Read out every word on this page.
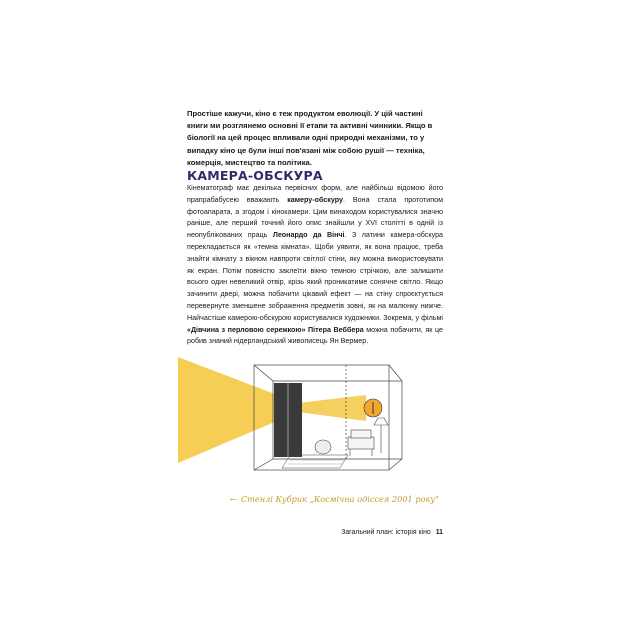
Простіше кажучи, кіно є теж продуктом еволюції. У цій частині книги ми розглянемо основні її етапи та активні чинники. Якщо в біології на цей процес впливали одні природні механізми, то у випадку кіно це були інші пов'язані між собою рушії — техніка, комерція, мистецтво та політика.
КАМЕРА-ОБСКУРА
Кінематограф має декілька первісних форм, але найбільш відомою його прапрабабусею вважають камеру-обскуру. Вона стала прототипом фотоапарата, а згодом і кінокамери. Цим винаходом користувалися значно раніше, але перший точний його опис знайшли у XVI столітті в одній із неопублікованих праць Леонардо да Вінчі. З латини камера-обскура перекладається як «темна кімната». Щоби уявити, як вона працює, треба знайти кімнату з вікном навпроти світлої стіни, яку можна використовувати як екран. Потім повністю заклеїти вікно темною стрічкою, але залишити всього один невеликий отвір, крізь який проникатиме сонячне світло. Якщо зачинити двері, можна побачити цікавий ефект — на стіну спроєктується перевернуте зменшене зображення предметів зовні, як на малюнку нижче. Найчастіше камерою-обскурою користувалися художники. Зокрема, у фільмі «Дівчина з перловою сережкою» Пітера Веббера можна побачити, як це робив знаний нідерландський живописець Ян Вермер.
← Стенлі Кубрик „Космічна одіссея 2001 року"
Загальний план: історія кіно 11
